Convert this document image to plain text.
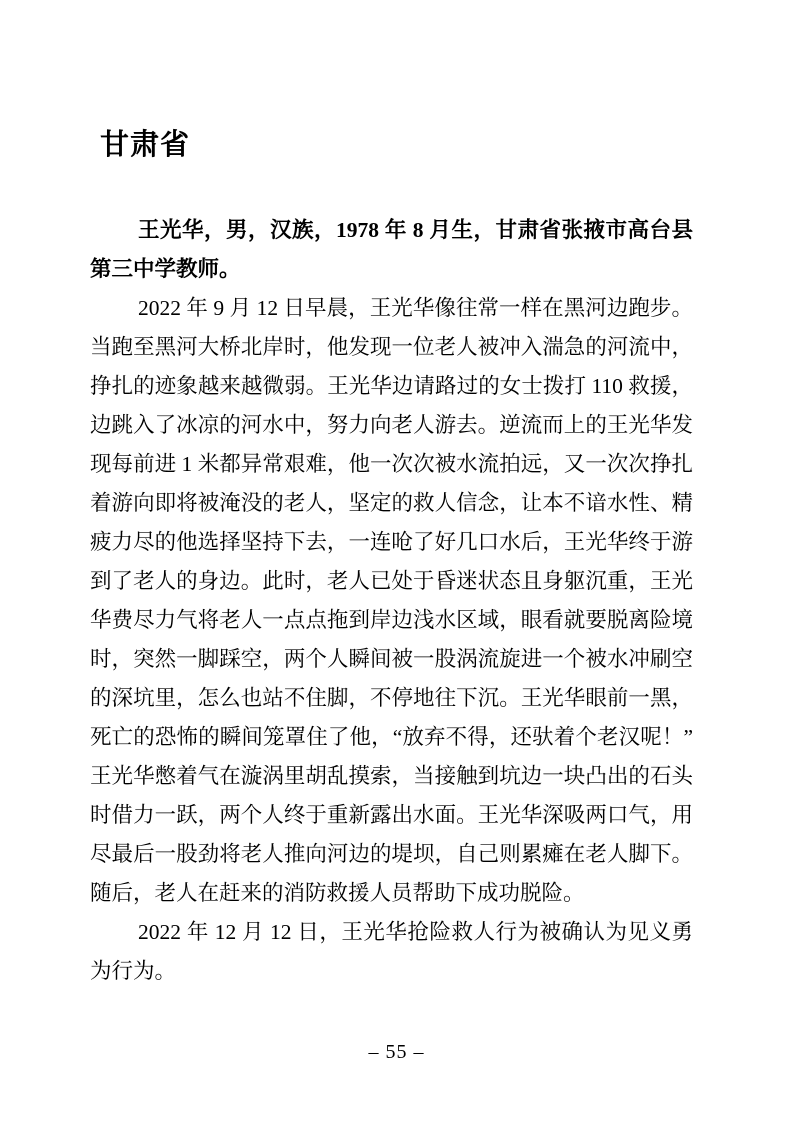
甘肃省
王光华，男，汉族，1978 年 8 月生，甘肃省张掖市高台县
第三中学教师。
2022 年 9 月 12 日早晨，王光华像往常一样在黑河边跑步。
当跑至黑河大桥北岸时，他发现一位老人被冲入湍急的河流中，
挣扎的迹象越来越微弱。王光华边请路过的女士拨打 110 救援，
边跳入了冰凉的河水中，努力向老人游去。逆流而上的王光华发
现每前进 1 米都异常艰难，他一次次被水流拍远，又一次次挣扎
着游向即将被淹没的老人，坚定的救人信念，让本不谙水性、精
疲力尽的他选择坚持下去，一连呛了好几口水后，王光华终于游
到了老人的身边。此时，老人已处于昏迷状态且身躯沉重，王光
华费尽力气将老人一点点拖到岸边浅水区域，眼看就要脱离险境
时，突然一脚踩空，两个人瞬间被一股涡流旋进一个被水冲刷空
的深坑里，怎么也站不住脚，不停地往下沉。王光华眼前一黑，
死亡的恐怖的瞬间笼罩住了他，“放弃不得，还驮着个老汉呢！”
王光华憋着气在漩涡里胡乱摸索，当接触到坑边一块凸出的石头
时借力一跃，两个人终于重新露出水面。王光华深吸两口气，用
尽最后一股劲将老人推向河边的堤坝，自己则累瘫在老人脚下。
随后，老人在赶来的消防救援人员帮助下成功脱险。
2022 年 12 月 12 日，王光华抢险救人行为被确认为见义勇
为行为。
– 55 –
